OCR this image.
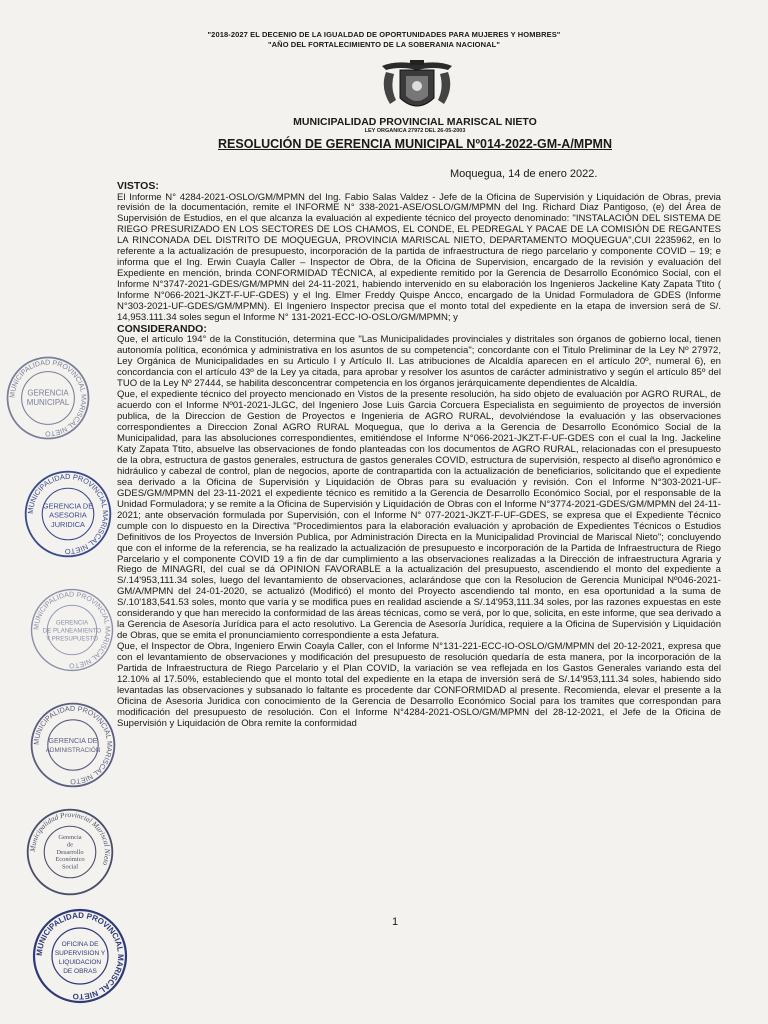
"2018-2027 EL DECENIO DE LA IGUALDAD DE OPORTUNIDADES PARA MUJERES Y HOMBRES"
"AÑO DEL FORTALECIMIENTO DE LA SOBERANIA NACIONAL"
MUNICIPALIDAD PROVINCIAL MARISCAL NIETO
LEY ORGANICA 27972 DEL 26-05-2003
RESOLUCIÓN DE GERENCIA MUNICIPAL Nº014-2022-GM-A/MPMN
Moquegua, 14 de enero 2022.

VISTOS:

El Informe N° 4284-2021-OSLO/GM/MPMN del Ing. Fabio Salas Valdez - Jefe de la Oficina de Supervisión y Liquidación de Obras, previa revisión de la documentación, remite el INFORME N° 338-2021-ASE/OSLO/GM/MPMN del Ing. Richard Diaz Pantigoso, (e) del Área de Supervisión de Estudios, en el que alcanza la evaluación al expediente técnico del proyecto denominado: "INSTALACIÓN DEL SISTEMA DE RIEGO PRESURIZADO EN LOS SECTORES DE LOS CHAMOS, EL CONDE, EL PEDREGAL Y PACAE DE LA COMISIÓN DE REGANTES LA RINCONADA DEL DISTRITO DE MOQUEGUA, PROVINCIA MARISCAL NIETO, DEPARTAMENTO MOQUEGUA",CUI 2235962, en lo referente a la actualización de presupuesto, incorporación de la partida de infraestructura de riego parcelario y componente COVID – 19; e informa que el Ing. Erwin Cuayla Caller – Inspector de Obra, de la Oficina de Supervision, encargado de la revisión y evaluación del Expediente en mención, brinda CONFORMIDAD TÉCNICA, al expediente remitido por la Gerencia de Desarrollo Económico Social, con el Informe N°3747-2021-GDES/GM/MPMN del 24-11-2021, habiendo intervenido en su elaboración los Ingenieros Jackeline Katy Zapata Ttito ( Informe N°066-2021-JKZT-F-UF-GDES) y el Ing. Elmer Freddy Quispe Ancco, encargado de la Unidad Formuladora de GDES (Informe N°303-2021-UF-GDES/GM/MPMN). El Ingeniero Inspector precisa que el monto total del expediente en la etapa de inversion será de S/. 14,953.111.34 soles segun el Informe N° 131-2021-ECC-IO-OSLO/GM/MPMN; y

CONSIDERANDO:

Que, el artículo 194° de la Constitución, determina que "Las Municipalidades provinciales y distritales son órganos de gobierno local, tienen autonomía política, económica y administrativa en los asuntos de su competencia"; concordante con el Titulo Preliminar de la Ley Nº 27972, Ley Orgánica de Municipalidades en su Articulo I y Artículo II. Las atribuciones de Alcaldía aparecen en el artículo 20º, numeral 6), en concordancia con el artículo 43º de la Ley ya citada, para aprobar y resolver los asuntos de carácter administrativo y según el artículo 85º del TUO de la Ley Nº 27444, se habilita desconcentrar competencia en los órganos jerárquicamente dependientes de Alcaldía.

Que, el expediente técnico del proyecto mencionado en Vistos de la presente resolución, ha sido objeto de evaluación por AGRO RURAL, de acuerdo con el Informe Nº01-2021-JLGC, del Ingeniero Jose Luis Garcia Corcuera Especialista en seguimiento de proyectos de inversión publica, de la Direccion de Gestion de Proyectos e Ingenieria de AGRO RURAL, devolviéndose la evaluación y las observaciones correspondientes a Direccion Zonal AGRO RURAL Moquegua, que lo deriva a la Gerencia de Desarrollo Económico Social de la Municipalidad, para las absoluciones correspondientes, emitiéndose el Informe N°066-2021-JKZT-F-UF-GDES con el cual la Ing. Jackeline Katy Zapata Ttito, absuelve las observaciones de fondo planteadas con los documentos de AGRO RURAL, relacionadas con el presupuesto de la obra, estructura de gastos generales, estructura de gastos generales COVID, estructura de supervisión, respecto al diseño agronómico e hidráulico y cabezal de control, plan de negocios, aporte de contrapartida con la actualización de beneficiarios, solicitando que el expediente sea derivado a la Oficina de Supervisión y Liquidación de Obras para su evaluación y revisión. Con el Informe N°303-2021-UF-GDES/GM/MPMN del 23-11-2021 el expediente técnico es remitido a la Gerencia de Desarrollo Económico Social, por el responsable de la Unidad Formuladora; y se remite a la Oficina de Supervisión y Liquidación de Obras con el Informe N°3774-2021-GDES/GM/MPMN del 24-11-2021; ante observación formulada por Supervisión, con el Informe N° 077-2021-JKZT-F-UF-GDES, se expresa que el Expediente Técnico cumple con lo dispuesto en la Directiva "Procedimientos para la elaboración evaluación y aprobación de Expedientes Técnicos o Estudios Definitivos de los Proyectos de Inversión Publica, por Administración Directa en la Municipalidad Provincial de Mariscal Nieto"; concluyendo que con el informe de la referencia, se ha realizado la actualización de presupuesto e incorporación de la Partida de Infraestructura de Riego Parcelario y el componente COVID 19 a fin de dar cumplimiento a las observaciones realizadas a la Dirección de infraestructura Agraria y Riego de MINAGRI, del cual se dá OPINION FAVORABLE a la actualización del presupuesto, ascendiendo el monto del expediente a S/.14'953,111.34 soles, luego del levantamiento de observaciones, aclarándose que con la Resolucion de Gerencia Municipal Nº046-2021-GM/A/MPMN del 24-01-2020, se actualizó (Modificó) el monto del Proyecto ascendiendo tal monto, en esa oportunidad a la suma de S/.10'183,541.53 soles, monto que varía y se modifica pues en realidad asciende a S/.14'953,111.34 soles, por las razones expuestas en este considerando y que han merecido la conformidad de las áreas técnicas, como se verá, por lo que, solicita, en este informe, que sea derivado a la Gerencia de Asesoría Jurídica para el acto resolutivo. La Gerencia de Asesoría Jurídica, requiere a la Oficina de Supervisión y Liquidación de Obras, que se emita el pronunciamiento correspondiente a esta Jefatura.

Que, el Inspector de Obra, Ingeniero Erwin Coayla Caller, con el Informe N°131-221-ECC-IO-OSLO/GM/MPMN del 20-12-2021, expresa que con el levantamiento de observaciones y modificación del presupuesto de resolución quedaría de esta manera, por la incorporación de la Partida de Infraestructura de Riego Parcelario y el Plan COVID, la variación se vea reflejada en los Gastos Generales variando esta del 12.10% al 17.50%, estableciendo que el monto total del expediente en la etapa de inversión será de S/.14'953,111.34 soles, habiendo sido levantadas las observaciones y subsanado lo faltante es procedente dar CONFORMIDAD al presente. Recomienda, elevar el presente a la Oficina de Asesoria Juridica con conocimiento de la Gerencia de Desarrollo Económico Social para los tramites que correspondan para modificación del presupuesto de resolución. Con el Informe N°4284-2021-OSLO/GM/MPMN del 28-12-2021, el Jefe de la Oficina de Supervisión y Liquidación de Obra remite la conformidad

1
MUNICIPALIDAD PROVINCIAL MARISCAL NIETO
GERENCIA
MUNICIPAL
MUNICIPALIDAD PROVINCIAL MARISCAL NIETO
GERENCIA DE
ASESORIA
JURIDICA
MUNICIPALIDAD PROVINCIAL MARISCAL NIETO
GERENCIA
DE PLANEAMIENTO
Y PRESUPUESTO
MUNICIPALIDAD PROVINCIAL MARISCAL NIETO
GERENCIA DE
ADMINISTRACIÓN
Municipalidad Provincial Mariscal Nieto
Gerencia
de
Desarrollo
Económico
Social
MUNICIPALIDAD PROVINCIAL MARISCAL NIETO
OFICINA DE
SUPERVISION Y
LIQUIDACION
DE OBRAS
